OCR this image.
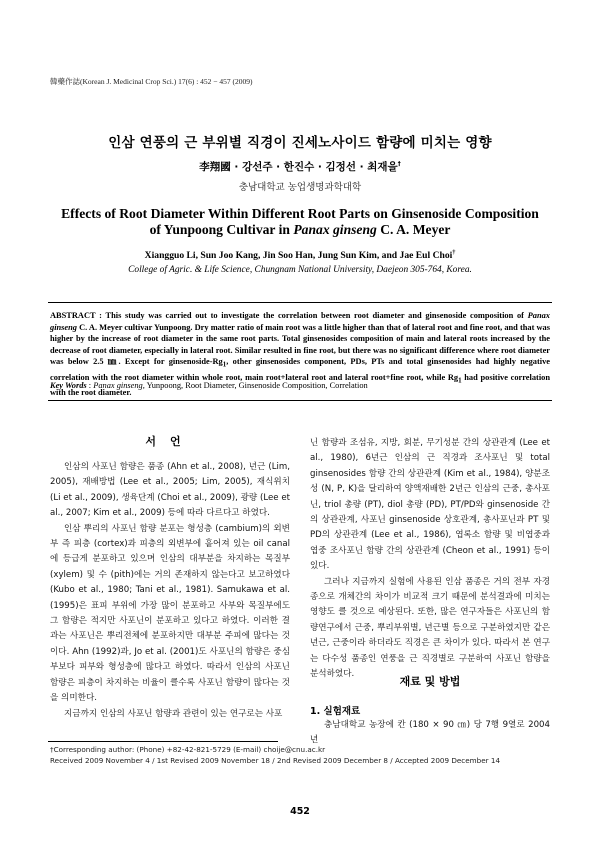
韓藥作誌(Korean J. Medicinal Crop Sci.) 17(6) : 452 − 457 (2009)
인삼 연풍의 근 부위별 직경이 진세노사이드 함량에 미치는 영향
李翔國 · 강선주 · 한진수 · 김정선 · 최재을†
충남대학교 농업생명과학대학
Effects of Root Diameter Within Different Root Parts on Ginsenoside Composition
of Yunpoong Cultivar in Panax ginseng C. A. Meyer
Xiangguo Li, Sun Joo Kang, Jin Soo Han, Jung Sun Kim, and Jae Eul Choi†
College of Agric. & Life Science, Chungnam National University, Daejeon 305-764, Korea.
ABSTRACT : This study was carried out to investigate the correlation between root diameter and ginsenoside composition of Panax ginseng C. A. Meyer cultivar Yunpoong. Dry matter ratio of main root was a little higher than that of lateral root and fine root, and that was higher by the increase of root diameter in the same root parts. Total ginsenosides composition of main and lateral roots increased by the decrease of root diameter, especially in lateral root. Similar resulted in fine root, but there was no significant difference where root diameter was below 2.5 ㎜. Except for ginsenoside-$Rg_1$, other ginsenosides component, PDs, PTs and total ginsenosides had highly negative correlation with the root diameter within whole root, main root+lateral root and lateral root+fine root, while $Rg_1$ had positive correlation with the root diameter.
Key Words : Panax ginseng, Yunpoong, Root Diameter, Ginsenoside Composition, Correlation
서언

인삼의 사포닌 함량은 품종 (Ahn et al., 2008), 년근 (Lim, 2005), 재배방법 (Lee et al., 2005; Lim, 2005), 재식위치 (Li et al., 2009), 생육단계 (Choi et al., 2009), 광량 (Lee et al., 2007; Kim et al., 2009) 등에 따라 다르다고 하였다.

인삼 뿌리의 사포닌 함량 분포는 형성층 (cambium)의 외변부 즉 피층 (cortex)과 피층의 외변부에 흩어져 있는 oil canal에 등급게 분포하고 있으며 인삼의 대부분을 차지하는 목질부 (xylem) 및 수 (pith)에는 거의 존재하지 않는다고 보고하였다 (Kubo et al., 1980; Tani et al., 1981). Samukawa et al. (1995)은 표피 부위에 가장 많이 분포하고 사부와 목질부에도 그 함량은 적지만 사포닌이 분포하고 있다고 하였다. 이러한 결과는 사포닌은 뿌리전체에 분포하지만 대부분 주피에 많다는 것이다. Ahn (1992)과, Jo et al. (2001)도 사포닌의 함량은 중심부보다 피부와 형성층에 많다고 하였다. 따라서 인삼의 사포닌 함량은 피층이 차지하는 비율이 클수록 사포닌 함량이 많다는 것을 의미한다.

지금까지 인삼의 사포닌 함량과 관련이 있는 연구로는 사포

닌 함량과 조섬유, 지방, 회분, 무기성분 간의 상관관계 (Lee et al., 1980), 6년근 인삼의 근 직경과 조사포닌 및 total ginsenosides 함량 간의 상관관계 (Kim et al., 1984), 양분조성 (N, P, K)을 달리하여 양액재배한 2년근 인삼의 근중, 총사포닌, triol 총량 (PT), diol 총량 (PD), PT/PD와 ginsenoside 간의 상관관계, 사포닌 ginsenoside 상호관계, 총사포닌과 PT 및 PD의 상관관계 (Lee et al., 1986), 엽록소 함량 및 비엽중과 엽중 조사포닌 함량 간의 상관관계 (Cheon et al., 1991) 등이 있다.

그러나 지금까지 실험에 사용된 인삼 품종은 거의 전부 자경종으로 개체간의 차이가 비교적 크기 때문에 분석결과에 미치는 영향도 클 것으로 예상된다. 또한, 많은 연구자들은 사포닌의 함량연구에서 근중, 뿌리부위별, 년근별 등으로 구분하였지만 같은 년근, 근중이라 하더라도 직경은 큰 차이가 있다. 따라서 본 연구는 다수성 품종인 연풍을 근 직경별로 구분하여 사포닌 함량을 분석하였다.

재료 및 방법
1. 실험재료

충남대학교 농장에 칸 (180 × 90 ㎝) 당 7행 9열로 2004년

†Corresponding author: (Phone) +82-42-821-5729 (E-mail) choije@cnu.ac.kr
Received 2009 November 4 / 1st Revised 2009 November 18 / 2nd Revised 2009 December 8 / Accepted 2009 December 14
452
